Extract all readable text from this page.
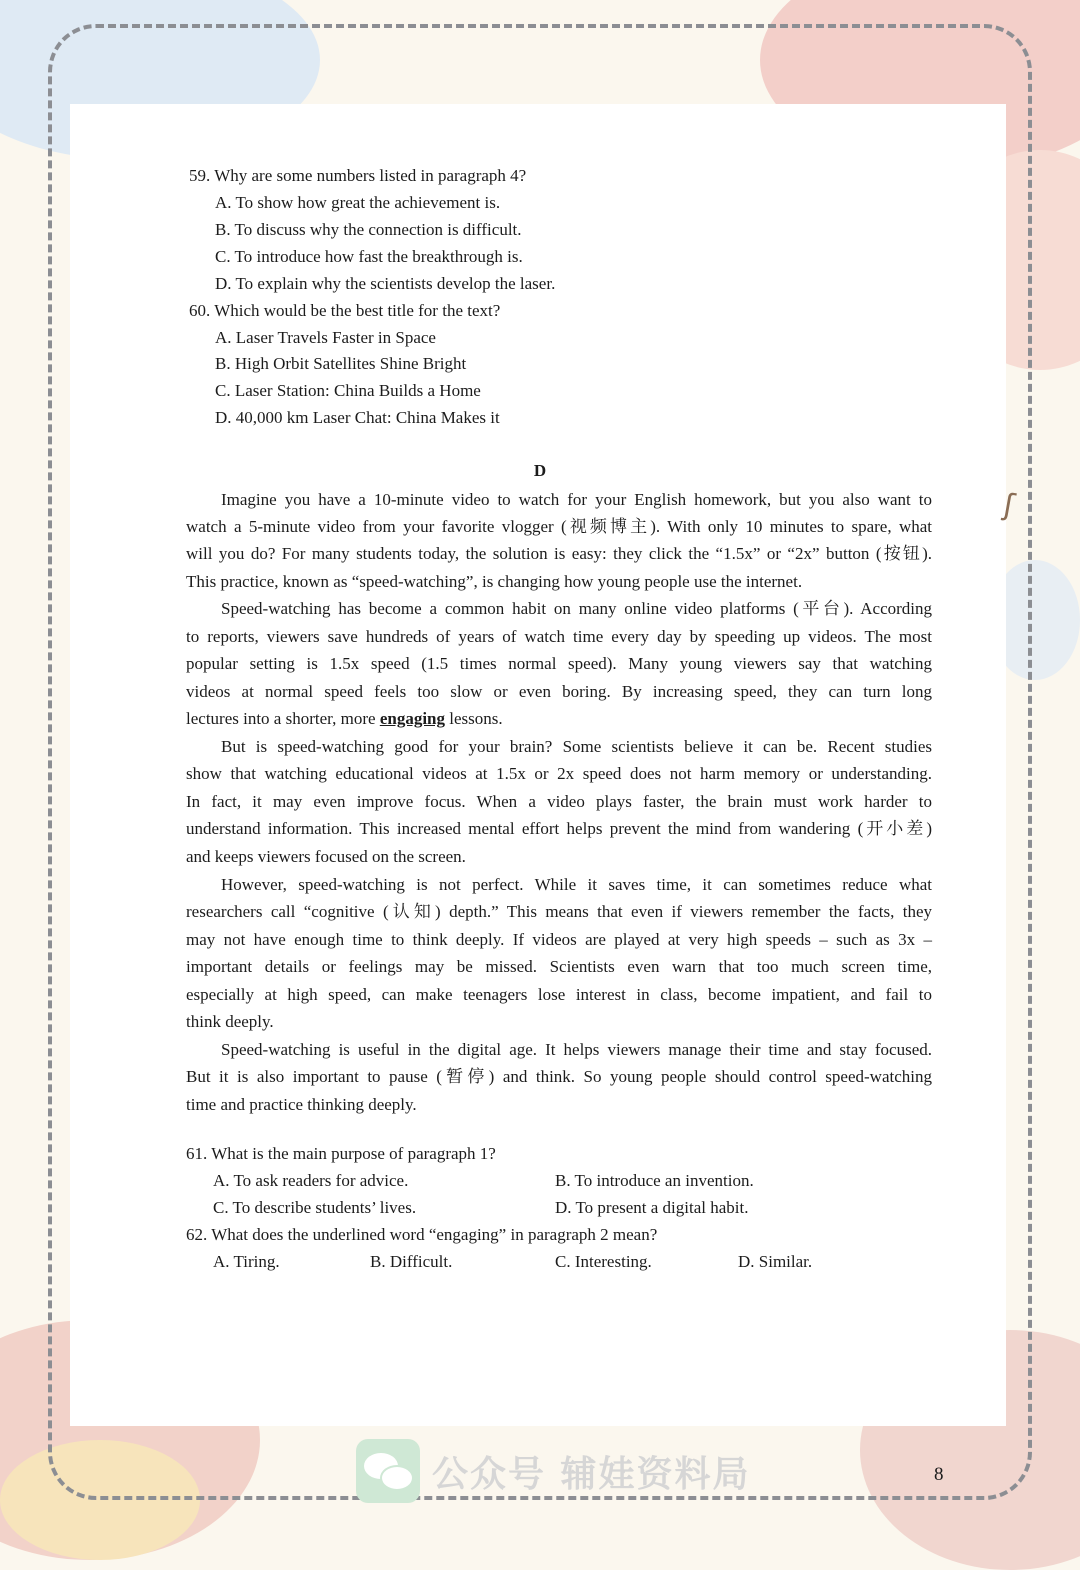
ʃ
59. Why are some numbers listed in paragraph 4?
A. To show how great the achievement is.
B. To discuss why the connection is difficult.
C. To introduce how fast the breakthrough is.
D. To explain why the scientists develop the laser.
60. Which would be the best title for the text?
A. Laser Travels Faster in Space
B. High Orbit Satellites Shine Bright
C. Laser Station: China Builds a Home
D. 40,000 km Laser Chat: China Makes it
D
Imagine you have a 10-minute video to watch for your English homework, but you also want to
watch a 5-minute video from your favorite vlogger (视频博主). With only 10 minutes to spare, what
will you do? For many students today, the solution is easy: they click the “1.5x” or “2x” button (按钮).
This practice, known as “speed-watching”, is changing how young people use the internet.
Speed-watching has become a common habit on many online video platforms (平台). According
to reports, viewers save hundreds of years of watch time every day by speeding up videos. The most
popular setting is 1.5x speed (1.5 times normal speed). Many young viewers say that watching
videos at normal speed feels too slow or even boring. By increasing speed, they can turn long
lectures into a shorter, more engaging lessons.
But is speed-watching good for your brain? Some scientists believe it can be. Recent studies
show that watching educational videos at 1.5x or 2x speed does not harm memory or understanding.
In fact, it may even improve focus. When a video plays faster, the brain must work harder to
understand information. This increased mental effort helps prevent the mind from wandering (开小差)
and keeps viewers focused on the screen.
However, speed-watching is not perfect. While it saves time, it can sometimes reduce what
researchers call “cognitive (认知) depth.” This means that even if viewers remember the facts, they
may not have enough time to think deeply. If videos are played at very high speeds – such as 3x –
important details or feelings may be missed. Scientists even warn that too much screen time,
especially at high speed, can make teenagers lose interest in class, become impatient, and fail to
think deeply.
Speed-watching is useful in the digital age. It helps viewers manage their time and stay focused.
But it is also important to pause (暂停) and think. So young people should control speed-watching
time and practice thinking deeply.
61. What is the main purpose of paragraph 1?
A. To ask readers for advice.	B. To introduce an invention.
C. To describe students’ lives.	D. To present a digital habit.
62. What does the underlined word “engaging” in paragraph 2 mean?
A. Tiring.	B. Difficult.	C. Interesting.	D. Similar.
公众号 辅娃资料局	8
